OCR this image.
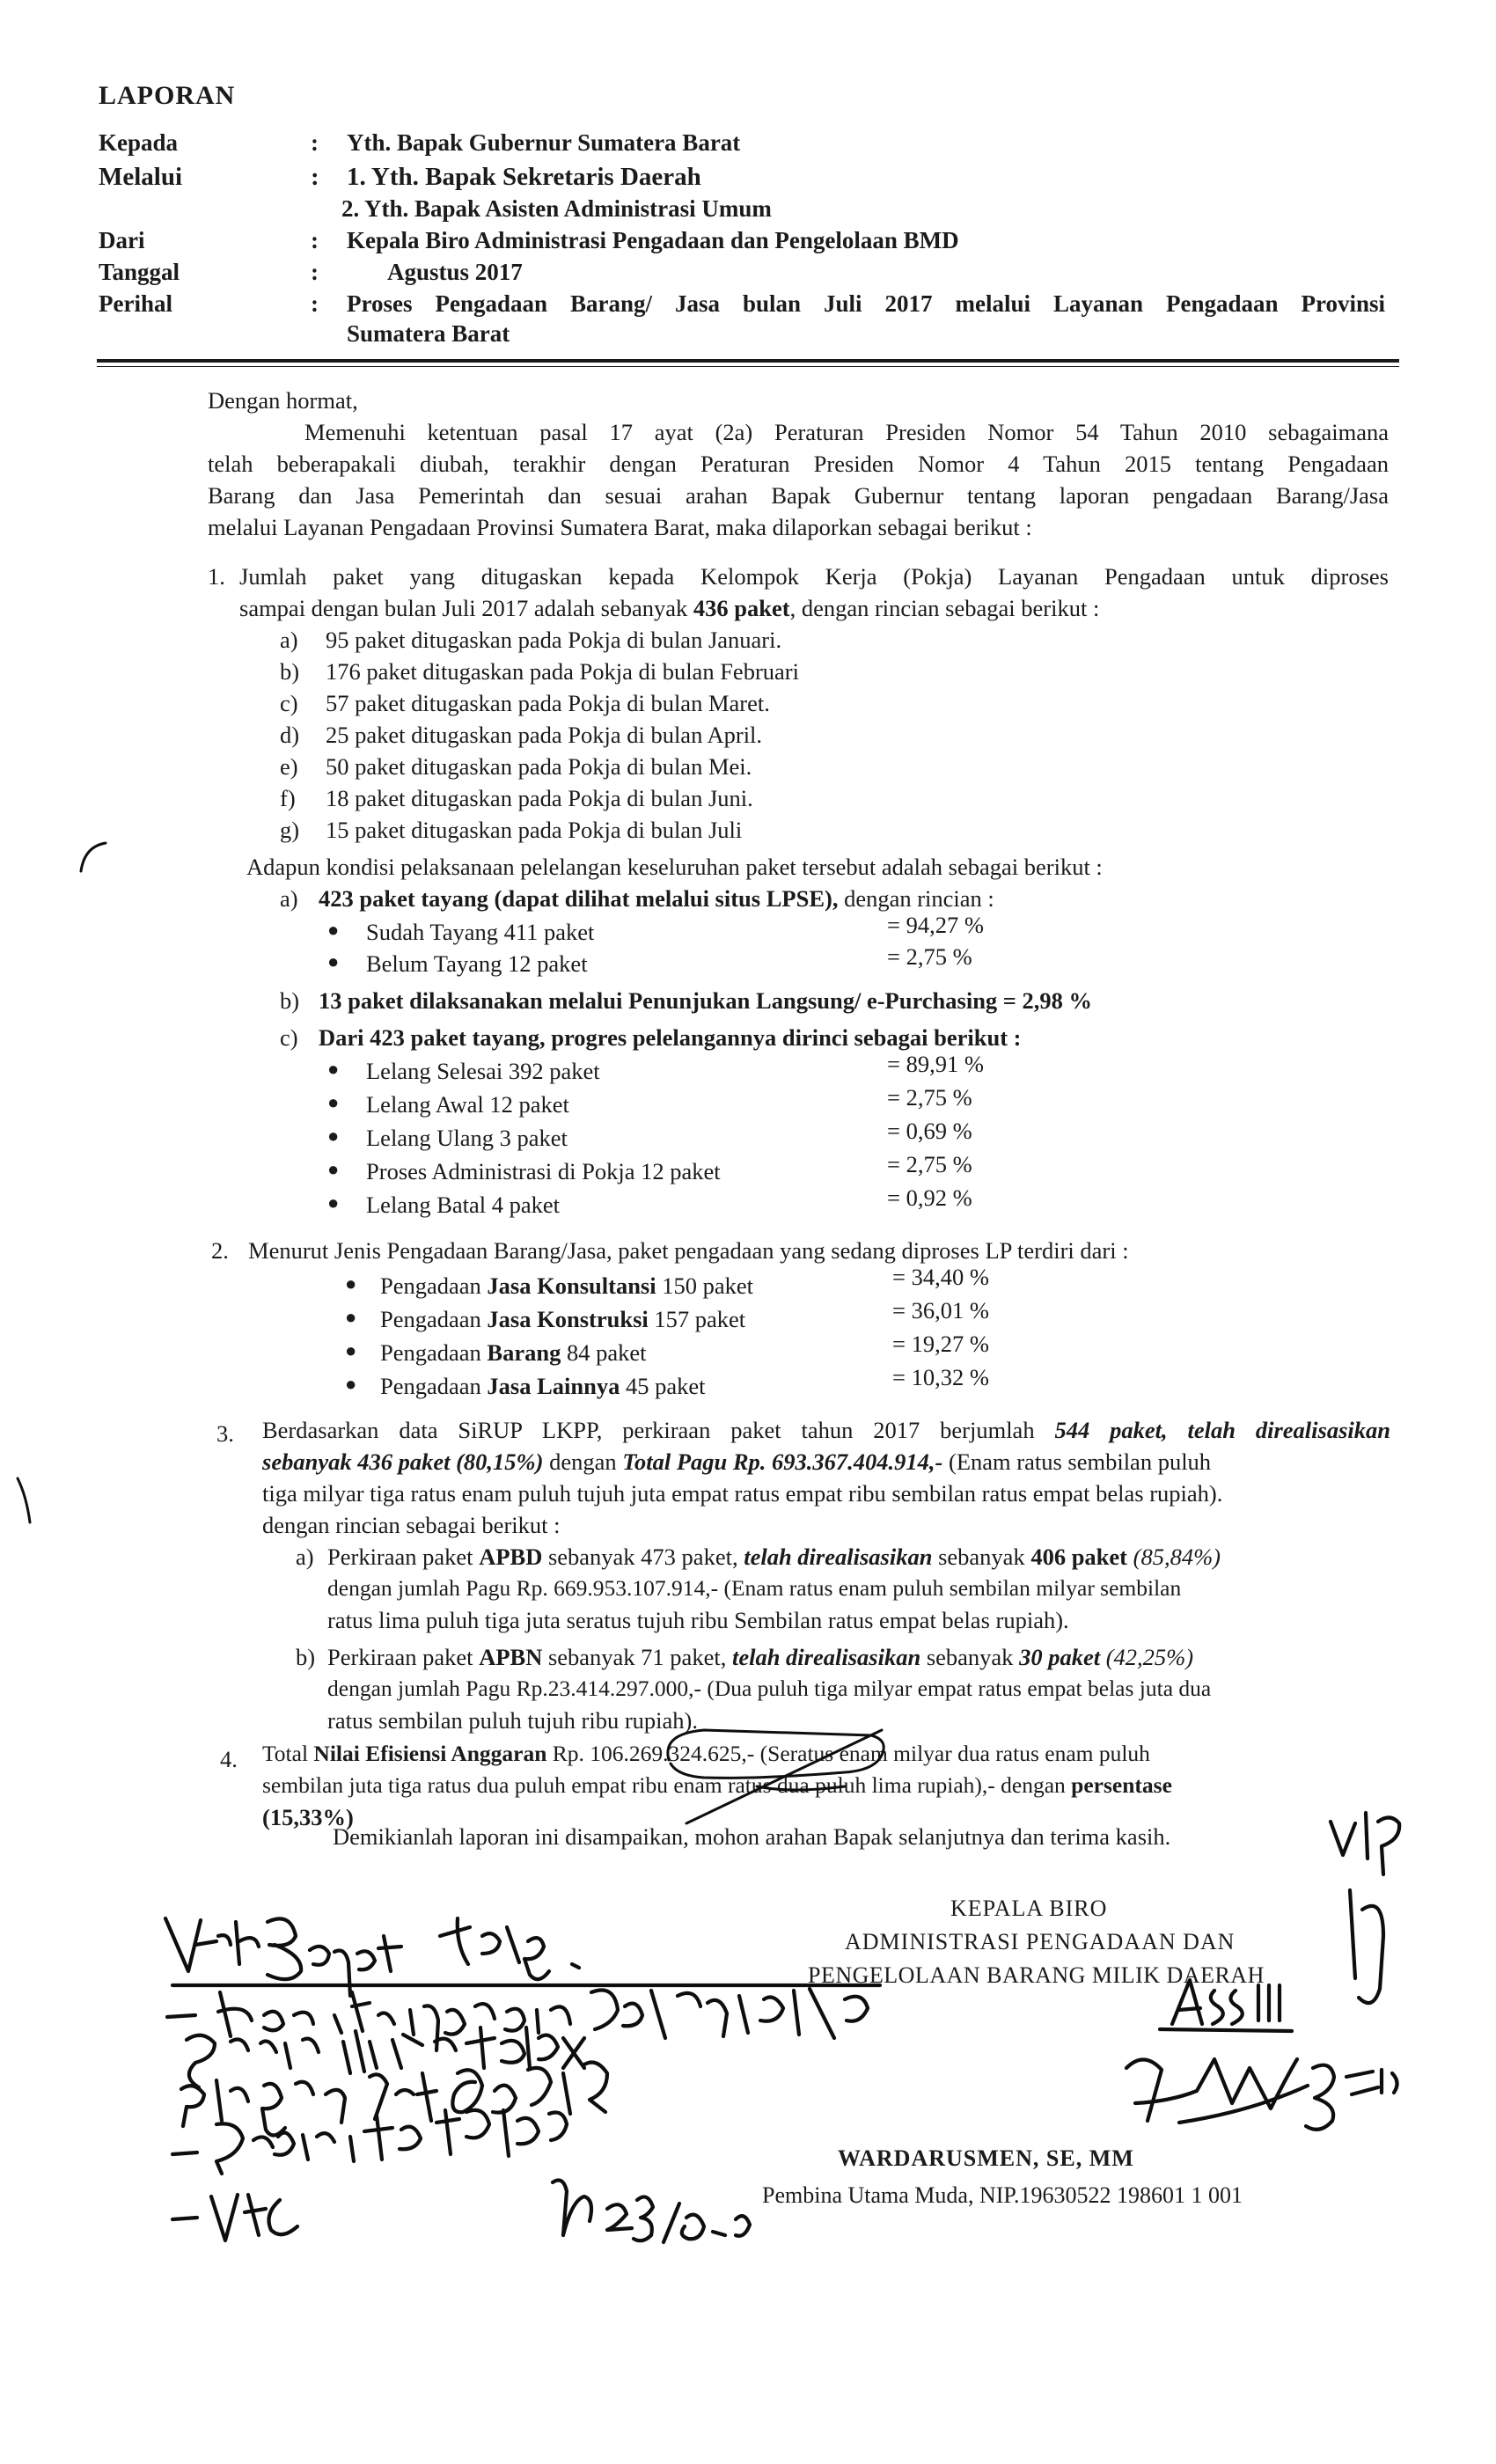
LAPORAN
Kepada	: Yth. Bapak Gubernur Sumatera Barat
Melalui	: 1. Yth. Bapak Sekretaris Daerah
2. Yth. Bapak Asisten Administrasi Umum
Dari	: Kepala Biro Administrasi Pengadaan dan Pengelolaan BMD
Tanggal	:	Agustus 2017
Perihal	: Proses Pengadaan Barang/ Jasa bulan Juli 2017 melalui Layanan Pengadaan Provinsi
Sumatera Barat
Dengan hormat,
Memenuhi ketentuan pasal 17 ayat (2a) Peraturan Presiden Nomor 54 Tahun 2010 sebagaimana
telah beberapakali diubah, terakhir dengan Peraturan Presiden Nomor 4 Tahun 2015 tentang Pengadaan
Barang dan Jasa Pemerintah dan sesuai arahan Bapak Gubernur tentang laporan pengadaan Barang/Jasa
melalui Layanan Pengadaan Provinsi Sumatera Barat, maka dilaporkan sebagai berikut :
1. Jumlah paket yang ditugaskan kepada Kelompok Kerja (Pokja) Layanan Pengadaan untuk diproses
sampai dengan bulan Juli 2017 adalah sebanyak 436 paket, dengan rincian sebagai berikut :
a) 95 paket ditugaskan pada Pokja di bulan Januari.
b) 176 paket ditugaskan pada Pokja di bulan Februari
c) 57 paket ditugaskan pada Pokja di bulan Maret.
d) 25 paket ditugaskan pada Pokja di bulan April.
e) 50 paket ditugaskan pada Pokja di bulan Mei.
f) 18 paket ditugaskan pada Pokja di bulan Juni.
g) 15 paket ditugaskan pada Pokja di bulan Juli
Adapun kondisi pelaksanaan pelelangan keseluruhan paket tersebut adalah sebagai berikut :
a) 423 paket tayang (dapat dilihat melalui situs LPSE), dengan rincian :
● Sudah Tayang 411 paket	= 94,27 %
● Belum Tayang 12 paket	= 2,75 %
b) 13 paket dilaksanakan melalui Penunjukan Langsung/ e-Purchasing = 2,98 %
c) Dari 423 paket tayang, progres pelelangannya dirinci sebagai berikut :
● Lelang Selesai 392 paket	= 89,91 %
● Lelang Awal 12 paket	= 2,75 %
● Lelang Ulang 3 paket	= 0,69 %
● Proses Administrasi di Pokja 12 paket	= 2,75 %
● Lelang Batal 4 paket	= 0,92 %
2. Menurut Jenis Pengadaan Barang/Jasa, paket pengadaan yang sedang diproses LP terdiri dari :
● Pengadaan Jasa Konsultansi 150 paket	= 34,40 %
● Pengadaan Jasa Konstruksi 157 paket	= 36,01 %
● Pengadaan Barang 84 paket	= 19,27 %
● Pengadaan Jasa Lainnya 45 paket	= 10,32 %
3. Berdasarkan data SiRUP LKPP, perkiraan paket tahun 2017 berjumlah 544 paket, telah direalisasikan
sebanyak 436 paket (80,15%) dengan Total Pagu Rp. 693.367.404.914,- (Enam ratus sembilan puluh
tiga milyar tiga ratus enam puluh tujuh juta empat ratus empat ribu sembilan ratus empat belas rupiah).
dengan rincian sebagai berikut :
a) Perkiraan paket APBD sebanyak 473 paket, telah direalisasikan sebanyak 406 paket (85,84%)
dengan jumlah Pagu Rp. 669.953.107.914,- (Enam ratus enam puluh sembilan milyar sembilan
ratus lima puluh tiga juta seratus tujuh ribu Sembilan ratus empat belas rupiah).
b) Perkiraan paket APBN sebanyak 71 paket, telah direalisasikan sebanyak 30 paket (42,25%)
dengan jumlah Pagu Rp.23.414.297.000,- (Dua puluh tiga milyar empat ratus empat belas juta dua
ratus sembilan puluh tujuh ribu rupiah).
4. Total Nilai Efisiensi Anggaran Rp. 106.269.324.625,- (Seratus enam milyar dua ratus enam puluh
sembilan juta tiga ratus dua puluh empat ribu enam ratus dua puluh lima rupiah),- dengan persentase
(15,33%)
Demikianlah laporan ini disampaikan, mohon arahan Bapak selanjutnya dan terima kasih.
KEPALA BIRO
ADMINISTRASI PENGADAAN DAN
PENGELOLAAN BARANG MILIK DAERAH
WARDARUSMEN, SE, MM
Pembina Utama Muda, NIP.19630522 198601 1 001
